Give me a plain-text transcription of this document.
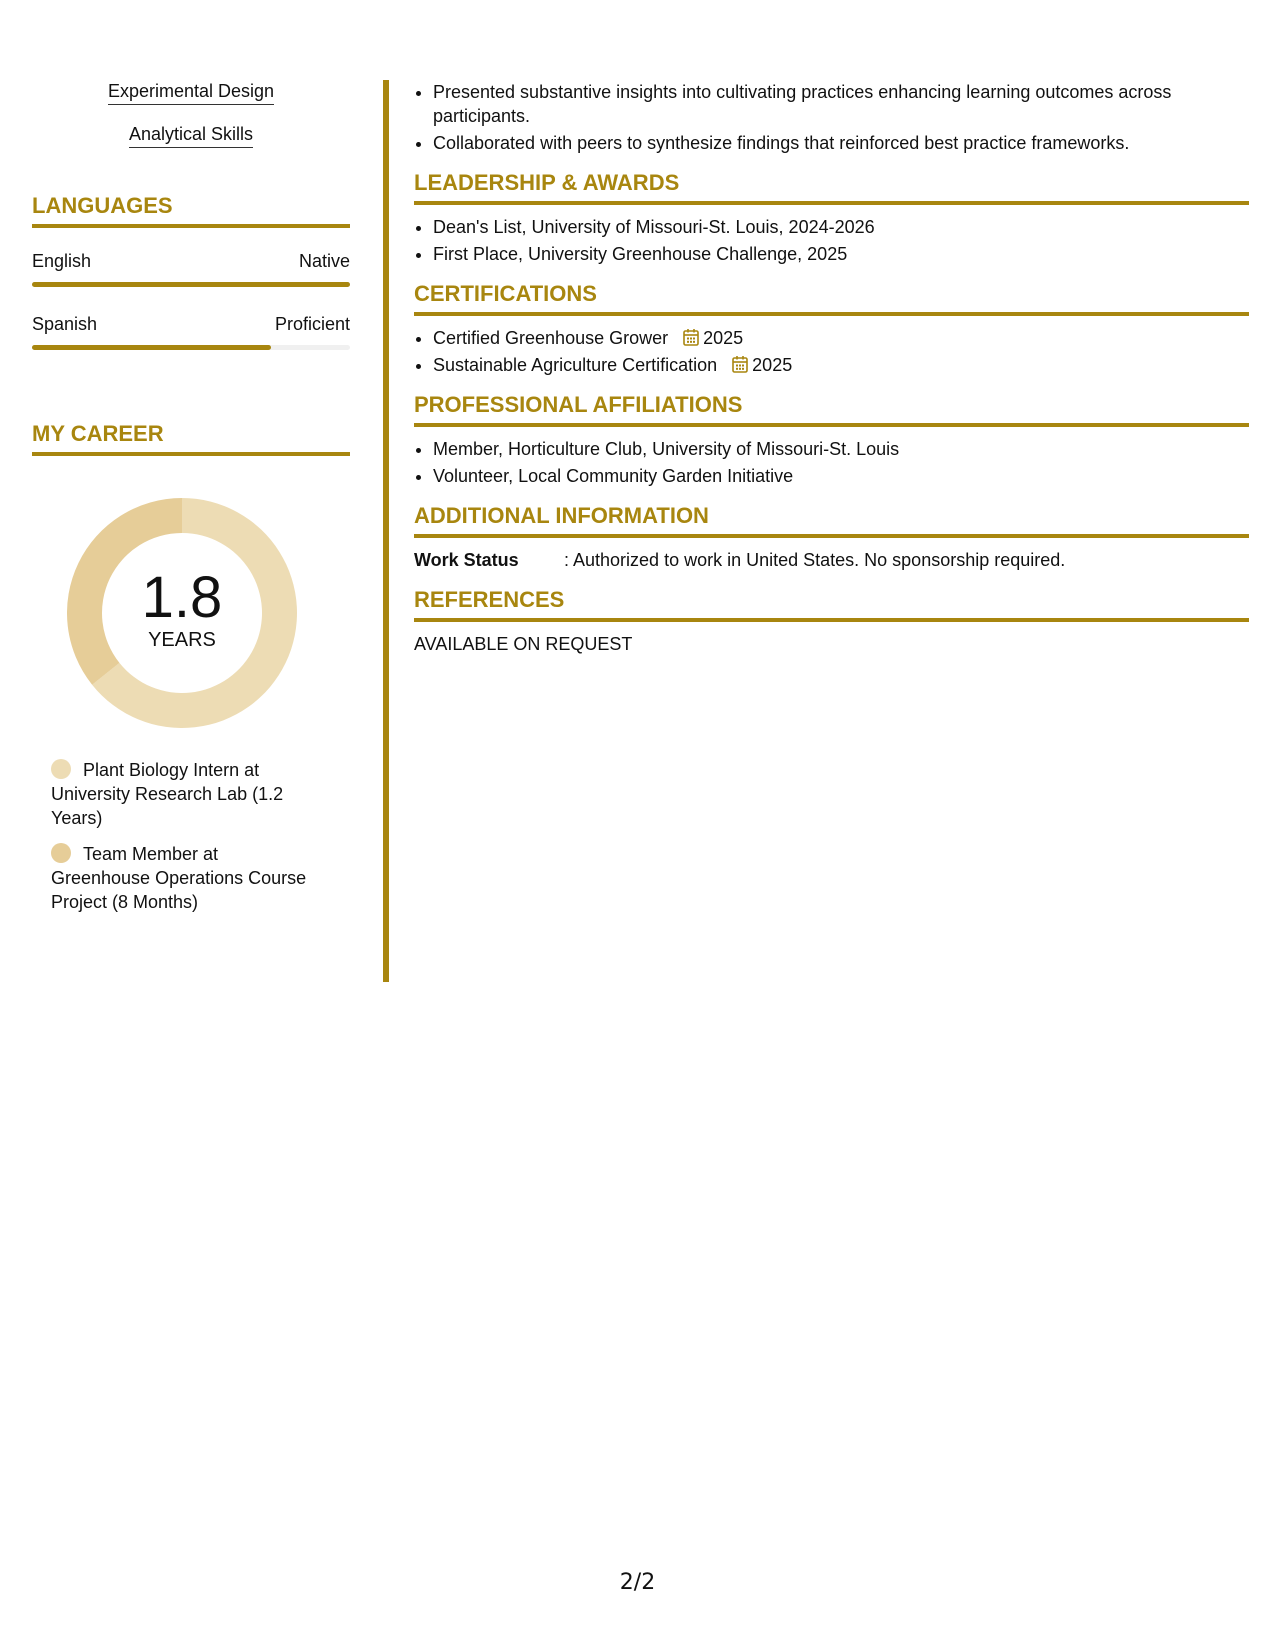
Experimental Design
Analytical Skills
LANGUAGES
English	Native
Spanish	Proficient
MY CAREER
1.8
YEARS
Plant Biology Intern at University Research Lab (1.2 Years)
Team Member at Greenhouse Operations Course Project (8 Months)
• Presented substantive insights into cultivating practices enhancing learning outcomes across participants.
• Collaborated with peers to synthesize findings that reinforced best practice frameworks.
LEADERSHIP & AWARDS
• Dean's List, University of Missouri-St. Louis, 2024-2026
• First Place, University Greenhouse Challenge, 2025
CERTIFICATIONS
• Certified Greenhouse Grower 2025
• Sustainable Agriculture Certification 2025
PROFESSIONAL AFFILIATIONS
• Member, Horticulture Club, University of Missouri-St. Louis
• Volunteer, Local Community Garden Initiative
ADDITIONAL INFORMATION
Work Status	: Authorized to work in United States. No sponsorship required.
REFERENCES
AVAILABLE ON REQUEST
2/2
